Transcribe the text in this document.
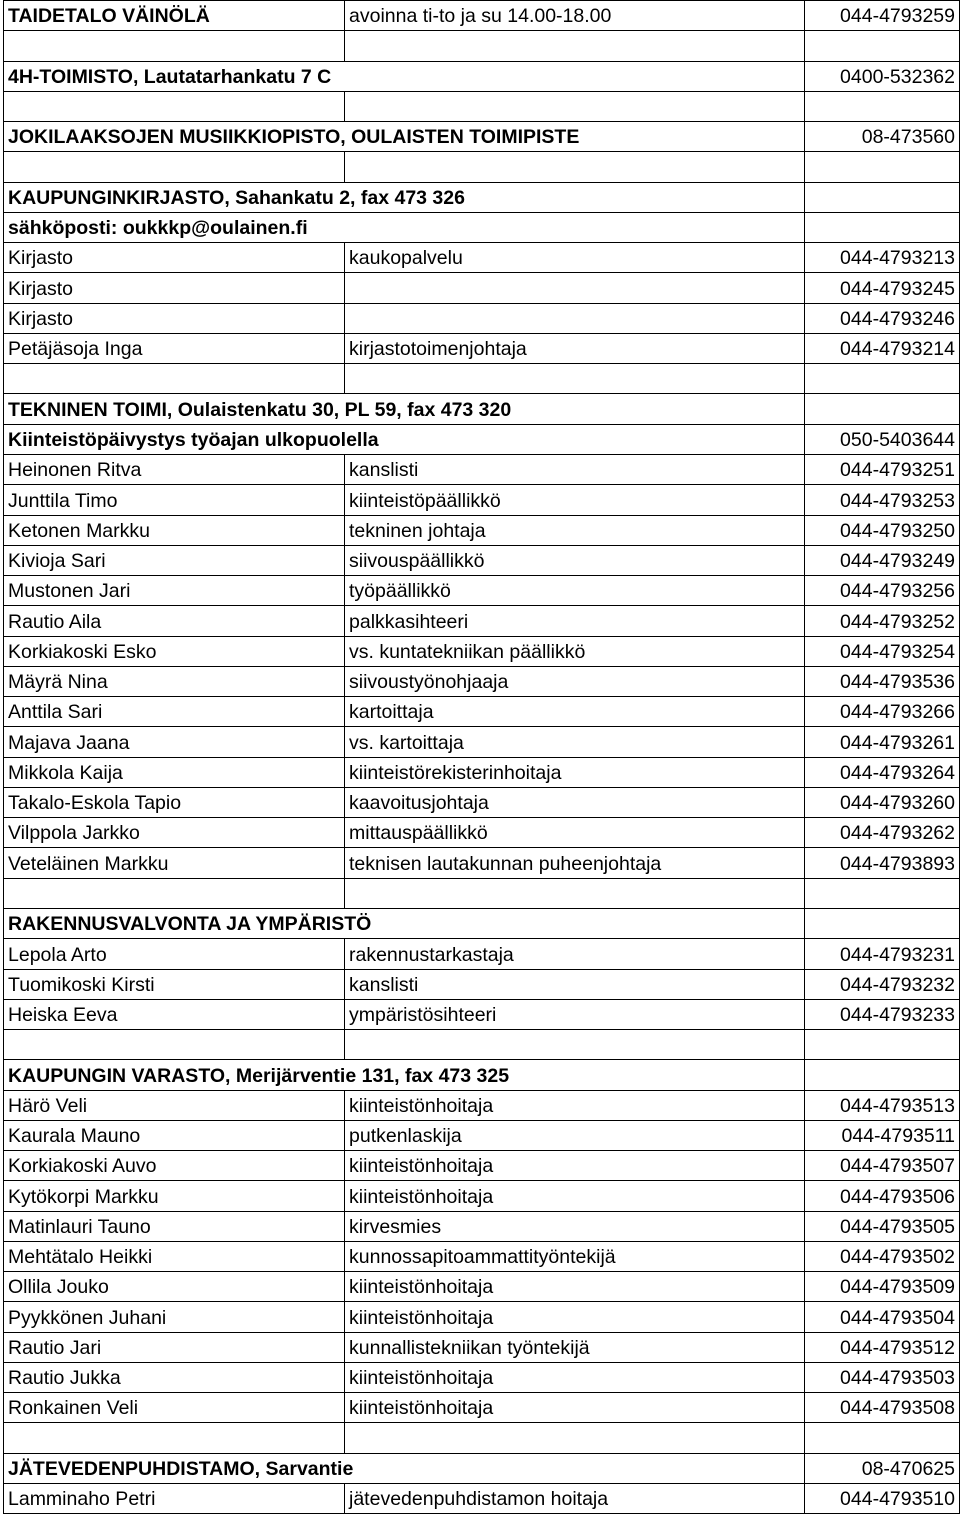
TAIDETALO VÄINÖLÄ	avoinna ti-to ja su 14.00-18.00	044-4793259

4H-TOIMISTO, Lautatarhankatu 7 C		0400-532362

JOKILAAKSOJEN MUSIIKKIOPISTO, OULAISTEN TOIMIPISTE		08-473560

KAUPUNGINKIRJASTO, Sahankatu 2, fax 473 326		
sähköposti: oukkkp@oulainen.fi		
Kirjasto	kaukopalvelu	044-4793213
Kirjasto		044-4793245
Kirjasto		044-4793246
Petäjäsoja Inga	kirjastotoimenjohtaja	044-4793214

TEKNINEN TOIMI, Oulaistenkatu 30, PL 59, fax 473 320		
Kiinteistöpäivystys työajan ulkopuolella		050-5403644
Heinonen Ritva	kanslisti	044-4793251
Junttila Timo	kiinteistöpäällikkö	044-4793253
Ketonen Markku	tekninen johtaja	044-4793250
Kivioja Sari	siivouspäällikkö	044-4793249
Mustonen Jari	työpäällikkö	044-4793256
Rautio Aila	palkkasihteeri	044-4793252
Korkiakoski Esko	vs. kuntatekniikan päällikkö	044-4793254
Mäyrä Nina	siivoustyönohjaaja	044-4793536
Anttila Sari	kartoittaja	044-4793266
Majava Jaana	vs. kartoittaja	044-4793261
Mikkola Kaija	kiinteistörekisterinhoitaja	044-4793264
Takalo-Eskola Tapio	kaavoitusjohtaja	044-4793260
Vilppola Jarkko	mittauspäällikkö	044-4793262
Veteläinen Markku	teknisen lautakunnan puheenjohtaja	044-4793893

RAKENNUSVALVONTA JA YMPÄRISTÖ		
Lepola Arto	rakennustarkastaja	044-4793231
Tuomikoski Kirsti	kanslisti	044-4793232
Heiska Eeva	ympäristösihteeri	044-4793233

KAUPUNGIN VARASTO, Merijärventie 131, fax 473 325		
Härö Veli	kiinteistönhoitaja	044-4793513
Kaurala Mauno	putkenlaskija	044-4793511
Korkiakoski Auvo	kiinteistönhoitaja	044-4793507
Kytökorpi Markku	kiinteistönhoitaja	044-4793506
Matinlauri Tauno	kirvesmies	044-4793505
Mehtätalo Heikki	kunnossapitoammattityöntekijä	044-4793502
Ollila Jouko	kiinteistönhoitaja	044-4793509
Pyykkönen Juhani	kiinteistönhoitaja	044-4793504
Rautio Jari	kunnallistekniikan työntekijä	044-4793512
Rautio Jukka	kiinteistönhoitaja	044-4793503
Ronkainen Veli	kiinteistönhoitaja	044-4793508

JÄTEVEDENPUHDISTAMO, Sarvantie		08-470625
Lamminaho Petri	jätevedenpuhdistamon hoitaja	044-4793510
